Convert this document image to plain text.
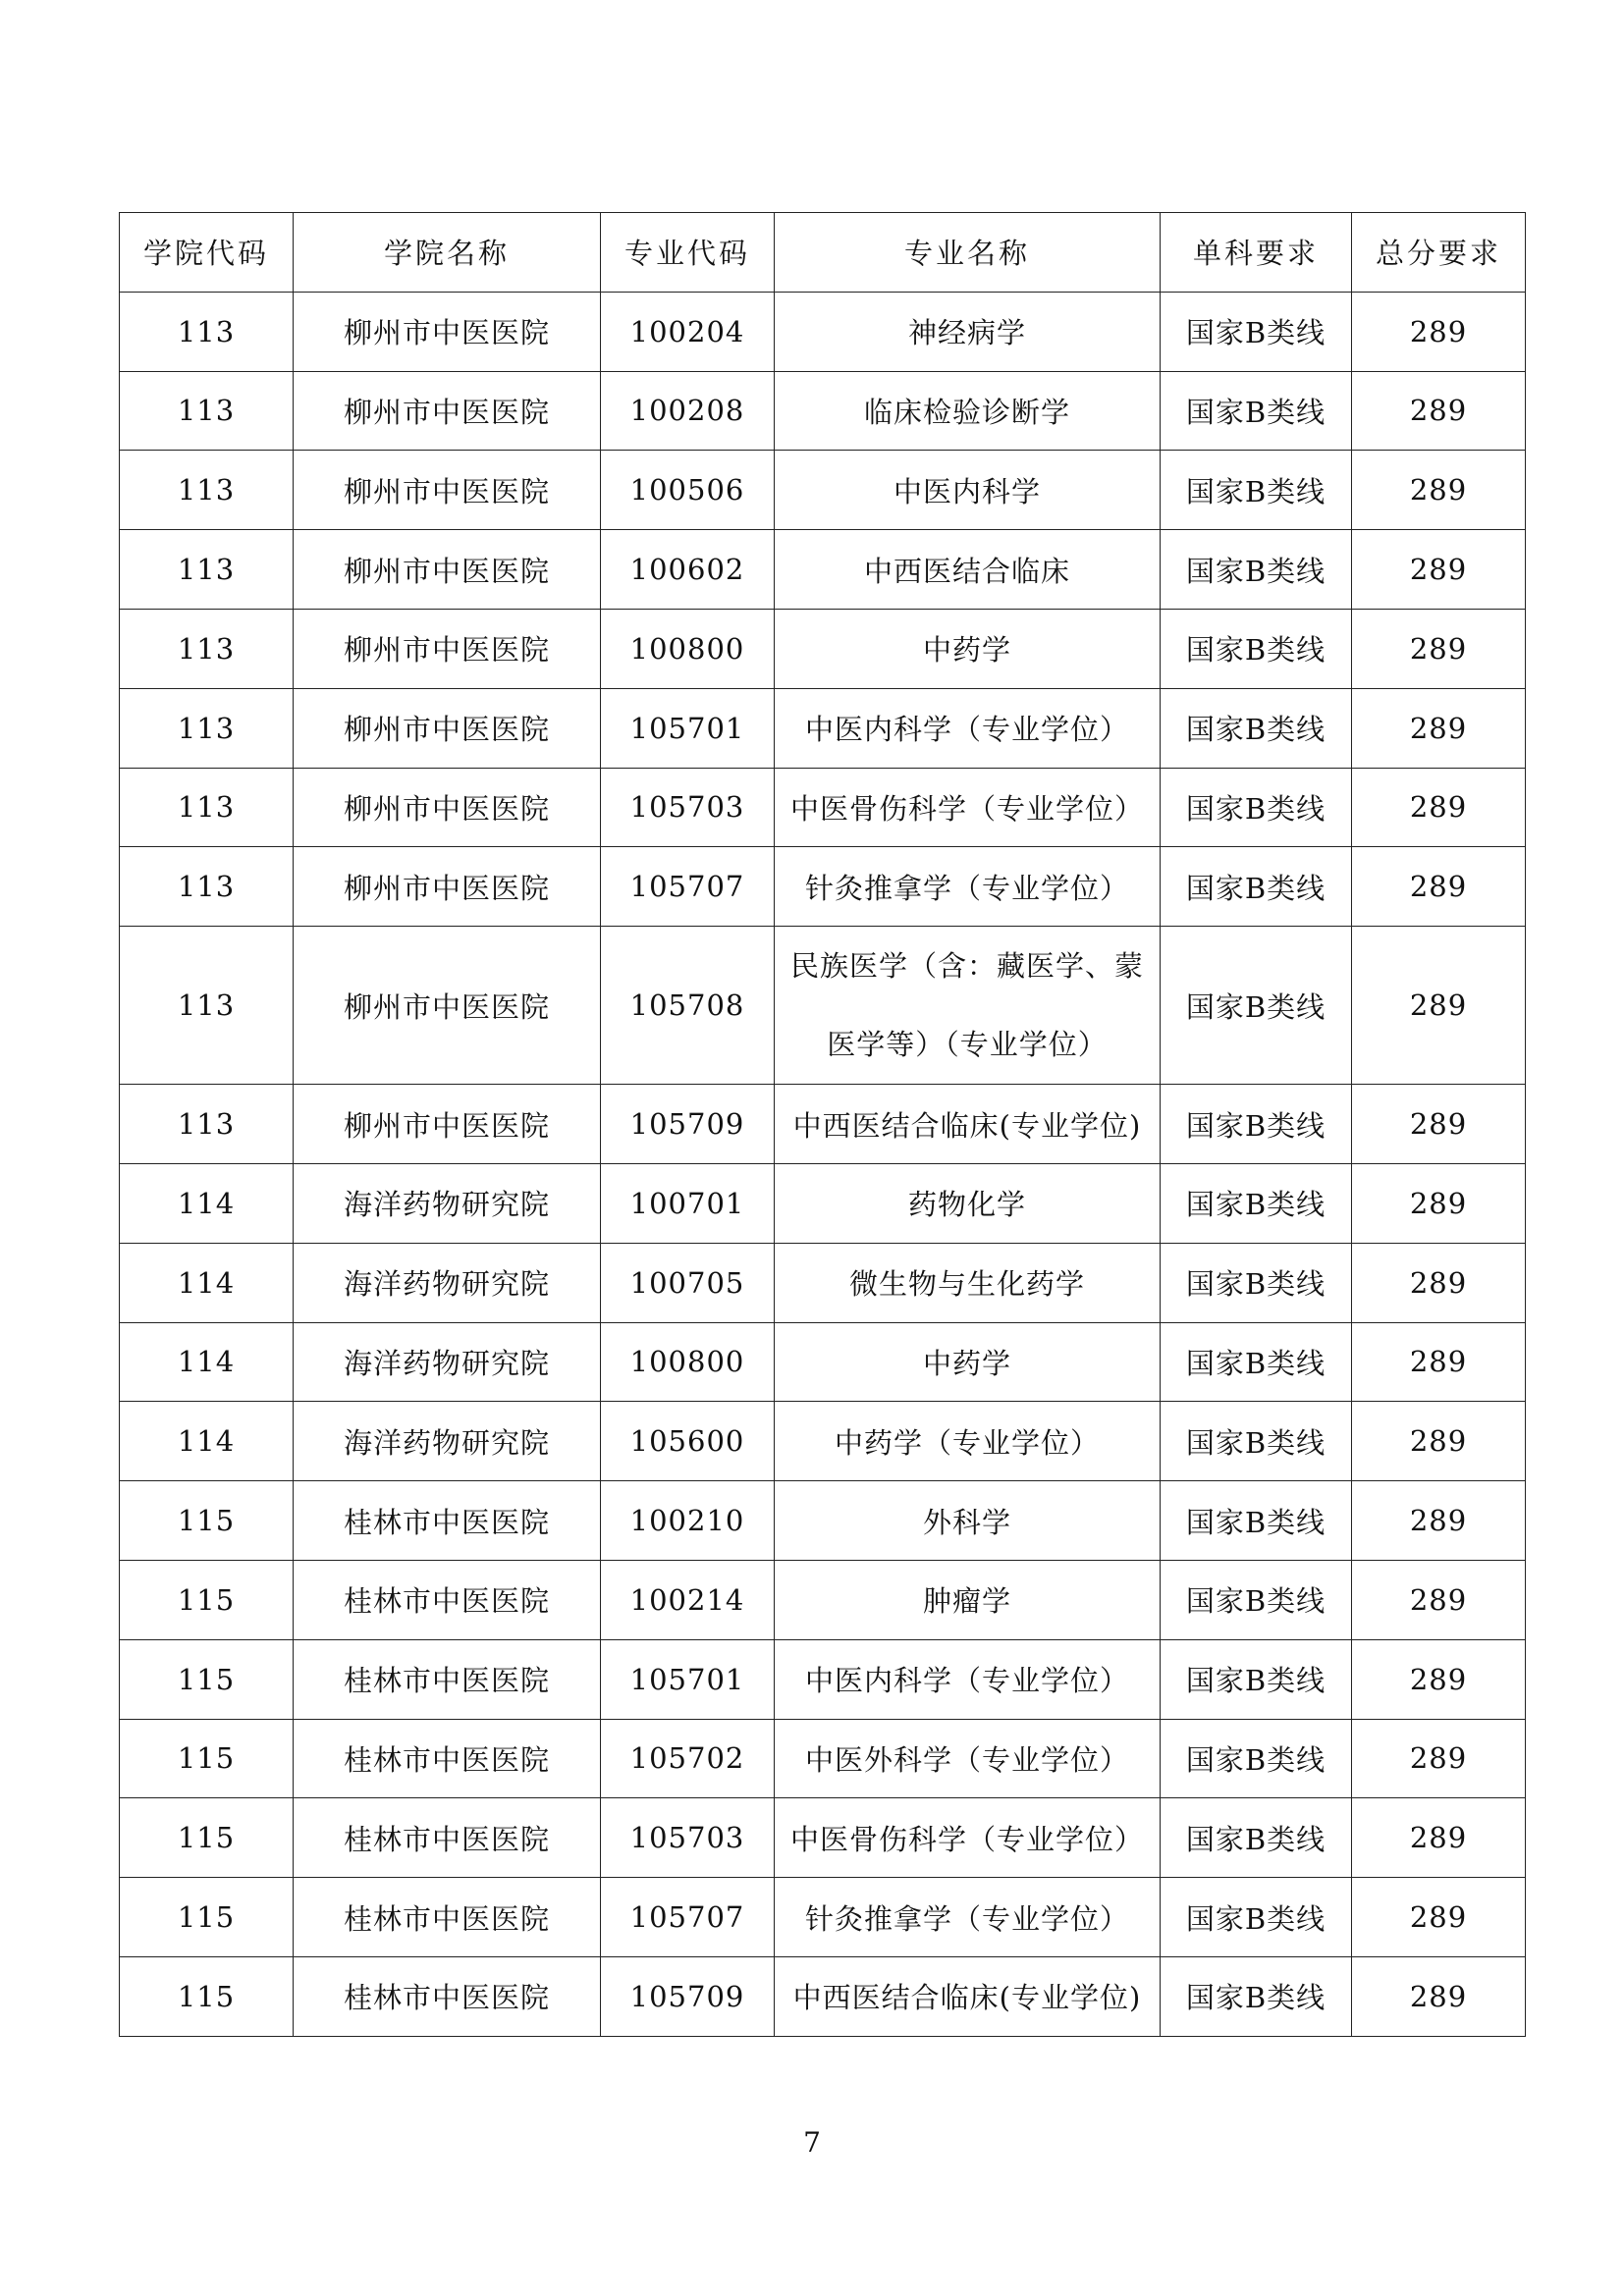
学院代码	学院名称	专业代码	专业名称	单科要求	总分要求
113	柳州市中医医院	100204	神经病学	国家B类线	289
113	柳州市中医医院	100208	临床检验诊断学	国家B类线	289
113	柳州市中医医院	100506	中医内科学	国家B类线	289
113	柳州市中医医院	100602	中西医结合临床	国家B类线	289
113	柳州市中医医院	100800	中药学	国家B类线	289
113	柳州市中医医院	105701	中医内科学（专业学位）	国家B类线	289
113	柳州市中医医院	105703	中医骨伤科学（专业学位）	国家B类线	289
113	柳州市中医医院	105707	针灸推拿学（专业学位）	国家B类线	289
113	柳州市中医医院	105708	民族医学（含：藏医学、蒙医学等）（专业学位）	国家B类线	289
113	柳州市中医医院	105709	中西医结合临床(专业学位)	国家B类线	289
114	海洋药物研究院	100701	药物化学	国家B类线	289
114	海洋药物研究院	100705	微生物与生化药学	国家B类线	289
114	海洋药物研究院	100800	中药学	国家B类线	289
114	海洋药物研究院	105600	中药学（专业学位）	国家B类线	289
115	桂林市中医医院	100210	外科学	国家B类线	289
115	桂林市中医医院	100214	肿瘤学	国家B类线	289
115	桂林市中医医院	105701	中医内科学（专业学位）	国家B类线	289
115	桂林市中医医院	105702	中医外科学（专业学位）	国家B类线	289
115	桂林市中医医院	105703	中医骨伤科学（专业学位）	国家B类线	289
115	桂林市中医医院	105707	针灸推拿学（专业学位）	国家B类线	289
115	桂林市中医医院	105709	中西医结合临床(专业学位)	国家B类线	289
7
